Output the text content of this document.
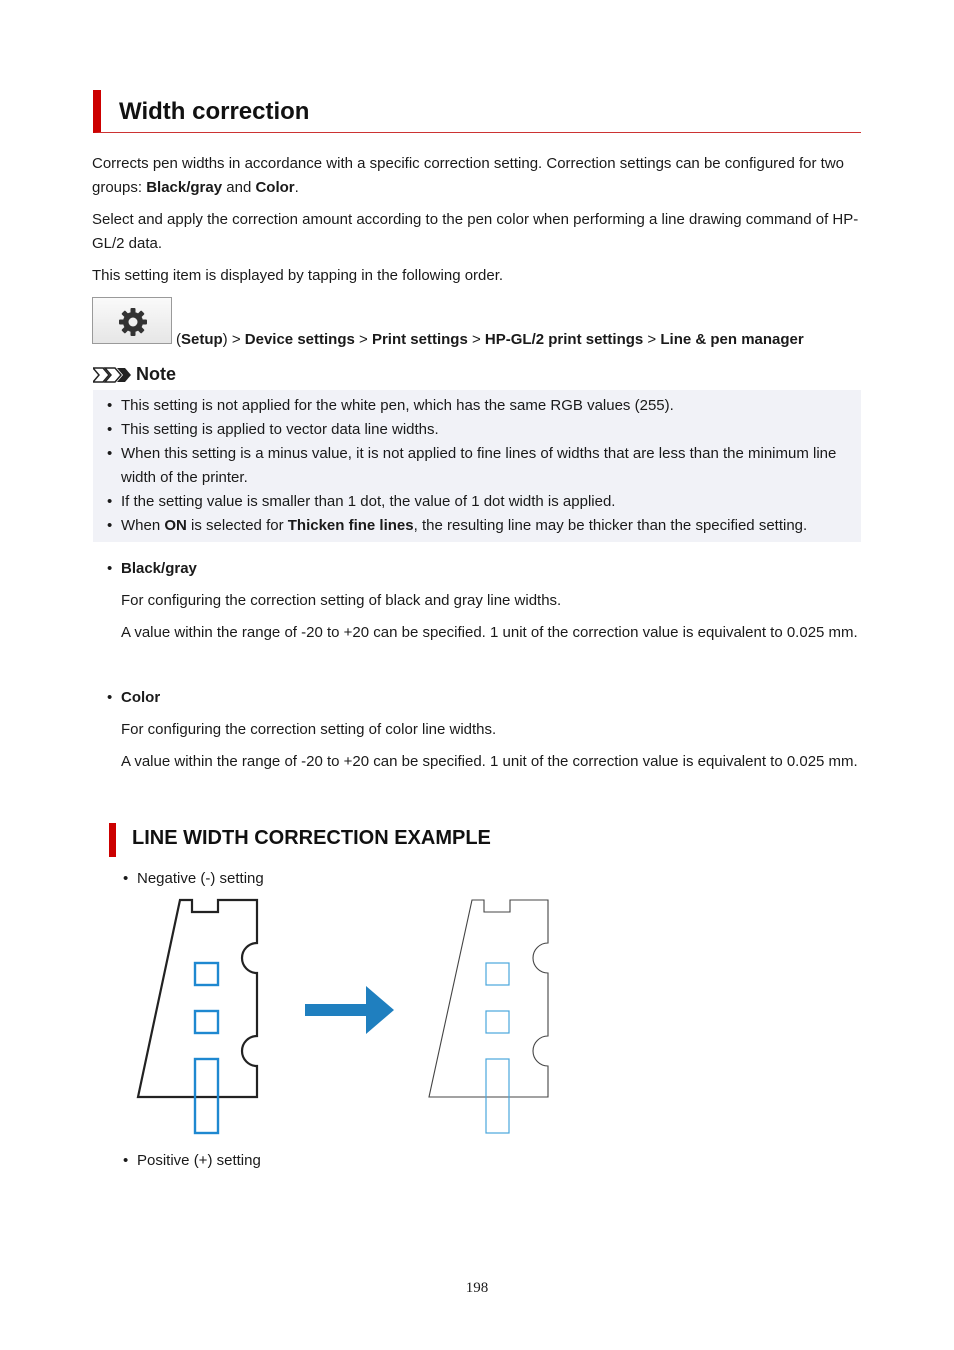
Width correction
Corrects pen widths in accordance with a specific correction setting. Correction settings can be configured for two groups: Black/gray and Color.
Select and apply the correction amount according to the pen color when performing a line drawing command of HP-GL/2 data.
This setting item is displayed by tapping in the following order.
(Setup) > Device settings > Print settings > HP-GL/2 print settings > Line & pen manager
Note
• This setting is not applied for the white pen, which has the same RGB values (255).
• This setting is applied to vector data line widths.
• When this setting is a minus value, it is not applied to fine lines of widths that are less than the minimum line width of the printer.
• If the setting value is smaller than 1 dot, the value of 1 dot width is applied.
• When ON is selected for Thicken fine lines, the resulting line may be thicker than the specified setting.
• Black/gray
For configuring the correction setting of black and gray line widths.
A value within the range of -20 to +20 can be specified. 1 unit of the correction value is equivalent to 0.025 mm.
• Color
For configuring the correction setting of color line widths.
A value within the range of -20 to +20 can be specified. 1 unit of the correction value is equivalent to 0.025 mm.
LINE WIDTH CORRECTION EXAMPLE
• Negative (-) setting
• Positive (+) setting
198
